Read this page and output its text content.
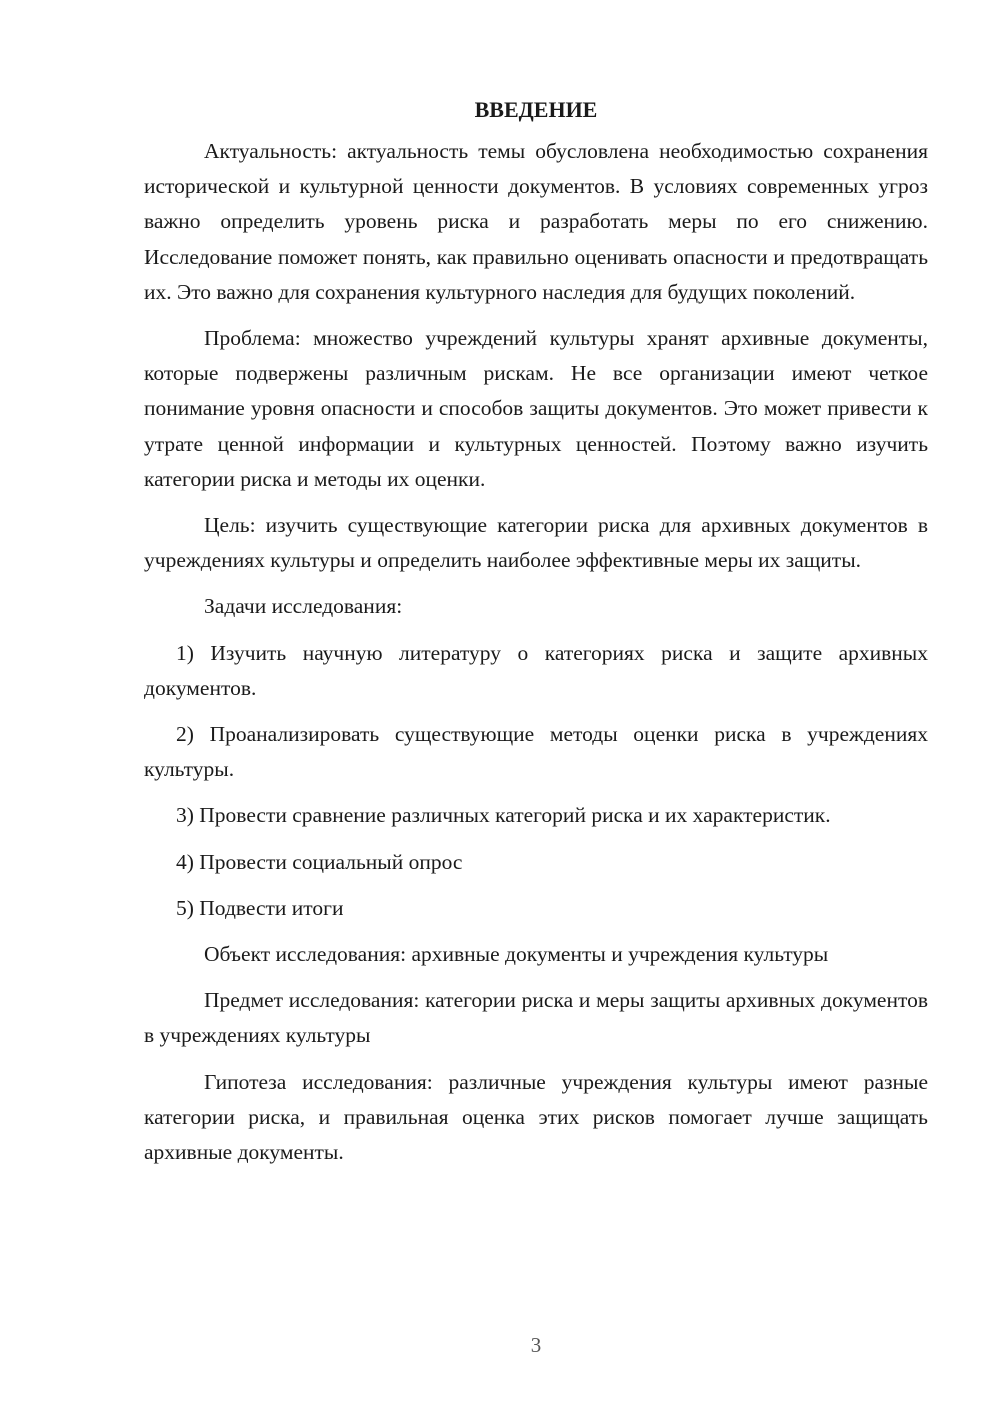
ВВЕДЕНИЕ

Актуальность: актуальность темы обусловлена необходимостью сохранения исторической и культурной ценности документов. В условиях современных угроз важно определить уровень риска и разработать меры по его снижению. Исследование поможет понять, как правильно оценивать опасности и предотвращать их. Это важно для сохранения культурного наследия для будущих поколений.

Проблема: множество учреждений культуры хранят архивные документы, которые подвержены различным рискам. Не все организации имеют четкое понимание уровня опасности и способов защиты документов. Это может привести к утрате ценной информации и культурных ценностей. Поэтому важно изучить категории риска и методы их оценки.

Цель: изучить существующие категории риска для архивных документов в учреждениях культуры и определить наиболее эффективные меры их защиты.

Задачи исследования:

1) Изучить научную литературу о категориях риска и защите архивных документов.

2) Проанализировать существующие методы оценки риска в учреждениях культуры.

3) Провести сравнение различных категорий риска и их характеристик.

4) Провести социальный опрос

5) Подвести итоги

Объект исследования: архивные документы и учреждения культуры

Предмет исследования: категории риска и меры защиты архивных документов в учреждениях культуры

Гипотеза исследования: различные учреждения культуры имеют разные категории риска, и правильная оценка этих рисков помогает лучше защищать архивные документы.

3
